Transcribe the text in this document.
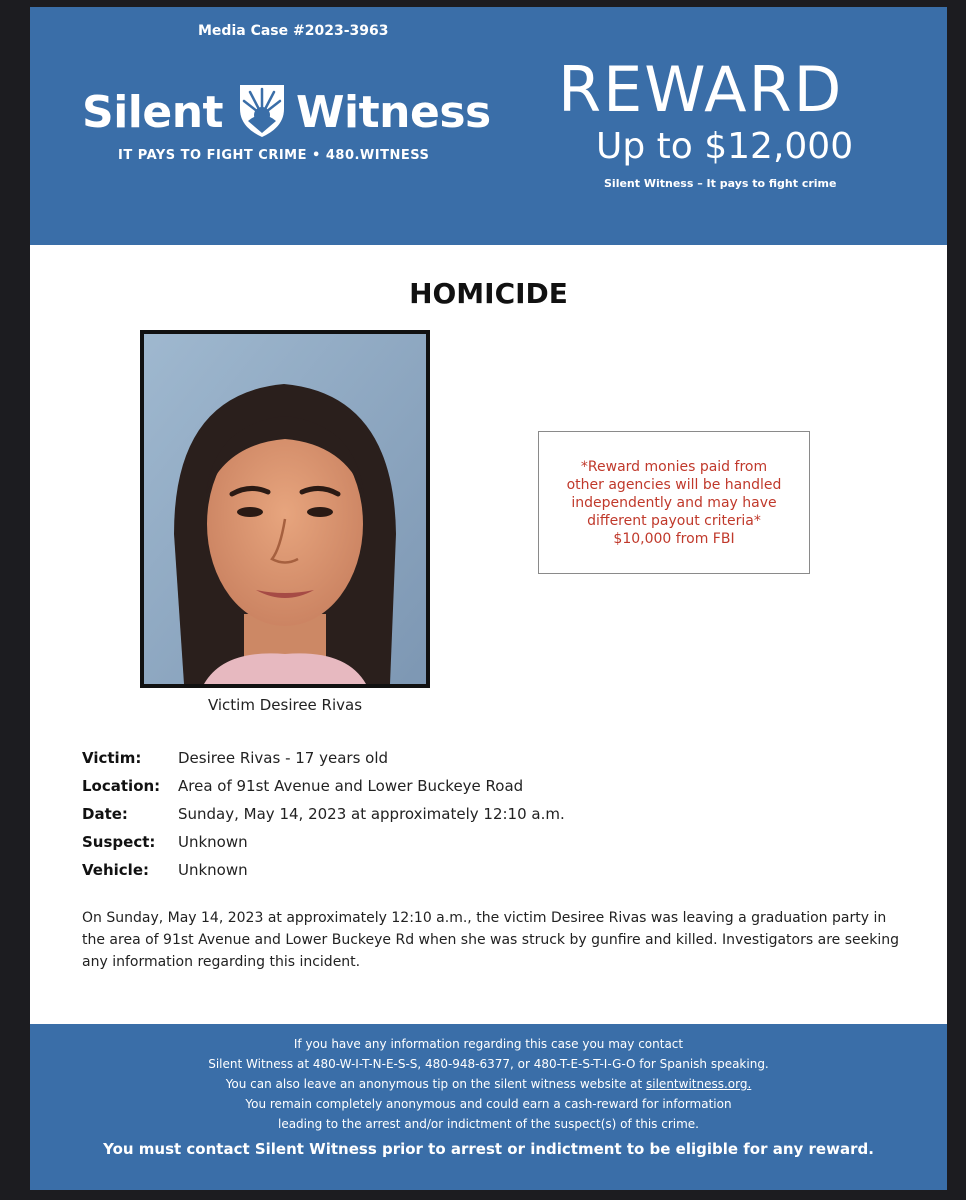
Media Case #2023-3963
Silent Witness
IT PAYS TO FIGHT CRIME • 480.WITNESS
REWARD
Up to $12,000
Silent Witness – It pays to fight crime
HOMICIDE
Victim Desiree Rivas
*Reward monies paid from
other agencies will be handled
independently and may have
different payout criteria*
$10,000 from FBI
Victim: Desiree Rivas - 17 years old
Location: Area of 91st Avenue and Lower Buckeye Road
Date:	Sunday, May 14, 2023 at approximately 12:10 a.m.
Suspect: Unknown
Vehicle: Unknown
On Sunday, May 14, 2023 at approximately 12:10 a.m., the victim Desiree Rivas was leaving a graduation party in the area of 91st Avenue and Lower Buckeye Rd when she was struck by gunfire and killed. Investigators are seeking any information regarding this incident.
If you have any information regarding this case you may contact
Silent Witness at 480-W-I-T-N-E-S-S, 480-948-6377, or 480-T-E-S-T-I-G-O for Spanish speaking.
You can also leave an anonymous tip on the silent witness website at silentwitness.org.
You remain completely anonymous and could earn a cash-reward for information
leading to the arrest and/or indictment of the suspect(s) of this crime.
You must contact Silent Witness prior to arrest or indictment to be eligible for any reward.
